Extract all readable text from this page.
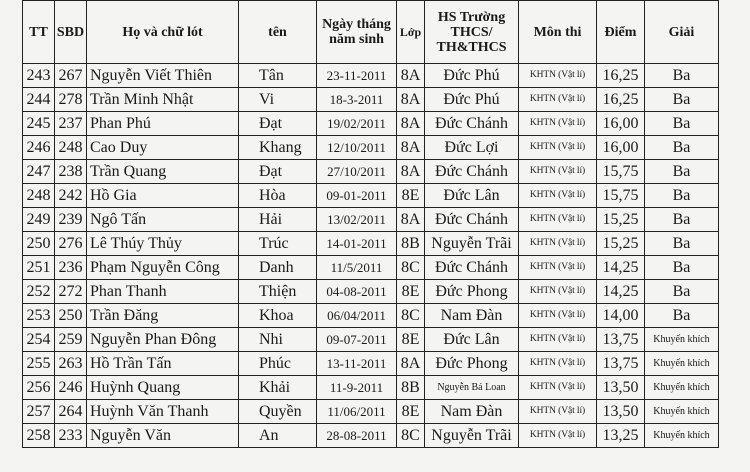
TT	SBD	Họ và chữ lót	tên	Ngày tháng năm sinh	Lớp	HS Trường THCS/ TH&THCS	Môn thi	Điểm	Giải
243	267	Nguyễn Viết Thiên	Tân	23-11-2011	8A	Đức Phú	KHTN (Vật lí)	16,25	Ba
244	278	Trần Minh Nhật	Vi	18-3-2011	8A	Đức Phú	KHTN (Vật lí)	16,25	Ba
245	237	Phan Phú	Đạt	19/02/2011	8A	Đức Chánh	KHTN (Vật lí)	16,00	Ba
246	248	Cao Duy	Khang	12/10/2011	8A	Đức Lợi	KHTN (Vật lí)	16,00	Ba
247	238	Trần Quang	Đạt	27/10/2011	8A	Đức Chánh	KHTN (Vật lí)	15,75	Ba
248	242	Hồ Gia	Hòa	09-01-2011	8E	Đức Lân	KHTN (Vật lí)	15,75	Ba
249	239	Ngô Tấn	Hải	13/02/2011	8A	Đức Chánh	KHTN (Vật lí)	15,25	Ba
250	276	Lê Thúy Thủy	Trúc	14-01-2011	8B	Nguyễn Trãi	KHTN (Vật lí)	15,25	Ba
251	236	Phạm Nguyễn Công	Danh	11/5/2011	8C	Đức Chánh	KHTN (Vật lí)	14,25	Ba
252	272	Phan Thanh	Thiện	04-08-2011	8E	Đức Phong	KHTN (Vật lí)	14,25	Ba
253	250	Trần Đăng	Khoa	06/04/2011	8C	Nam Đàn	KHTN (Vật lí)	14,00	Ba
254	259	Nguyễn Phan Đông	Nhi	09-07-2011	8E	Đức Lân	KHTN (Vật lí)	13,75	Khuyến khích
255	263	Hồ Trần Tấn	Phúc	13-11-2011	8A	Đức Phong	KHTN (Vật lí)	13,75	Khuyến khích
256	246	Huỳnh Quang	Khải	11-9-2011	8B	Nguyễn Bá Loan	KHTN (Vật lí)	13,50	Khuyến khích
257	264	Huỳnh Văn Thanh	Quyền	11/06/2011	8E	Nam Đàn	KHTN (Vật lí)	13,50	Khuyến khích
258	233	Nguyễn Văn	An	28-08-2011	8C	Nguyễn Trãi	KHTN (Vật lí)	13,25	Khuyến khích
